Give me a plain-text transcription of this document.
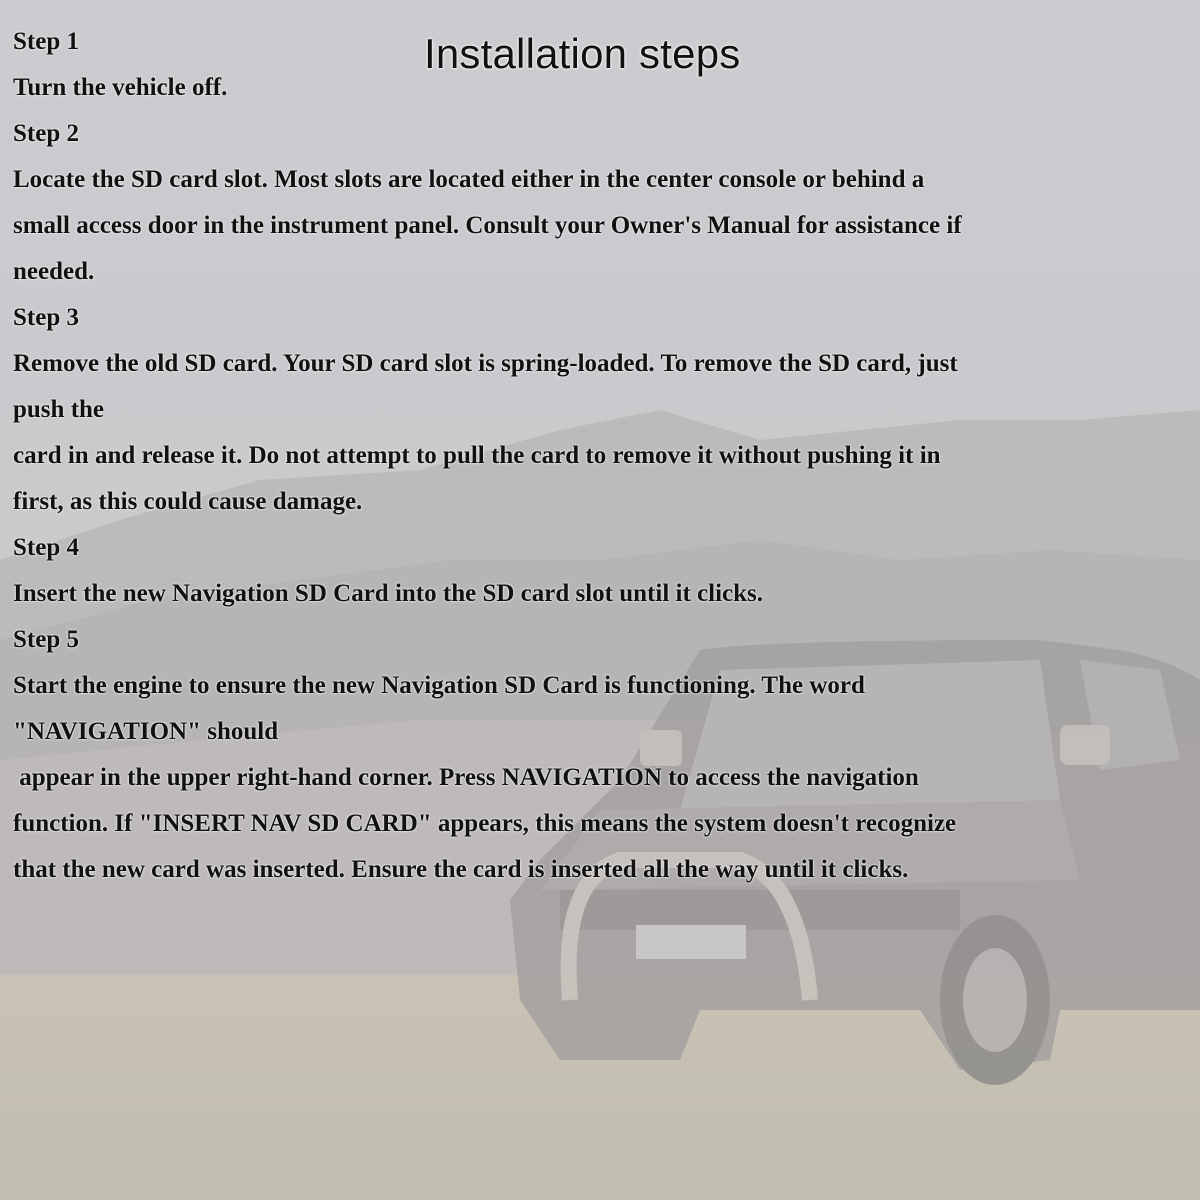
Installation steps
Step 1
Turn the vehicle off.
Step 2
Locate the SD card slot. Most slots are located either in the center console or behind a
small access door in the instrument panel. Consult your Owner's Manual for assistance if
needed.
Step 3
Remove the old SD card. Your SD card slot is spring-loaded. To remove the SD card, just
push the
card in and release it. Do not attempt to pull the card to remove it without pushing it in
first, as this could cause damage.
Step 4
Insert the new Navigation SD Card into the SD card slot until it clicks.
Step 5
Start the engine to ensure the new Navigation SD Card is functioning. The word
"NAVIGATION" should
appear in the upper right-hand corner. Press NAVIGATION to access the navigation
function. If "INSERT NAV SD CARD" appears, this means the system doesn't recognize
that the new card was inserted. Ensure the card is inserted all the way until it clicks.
